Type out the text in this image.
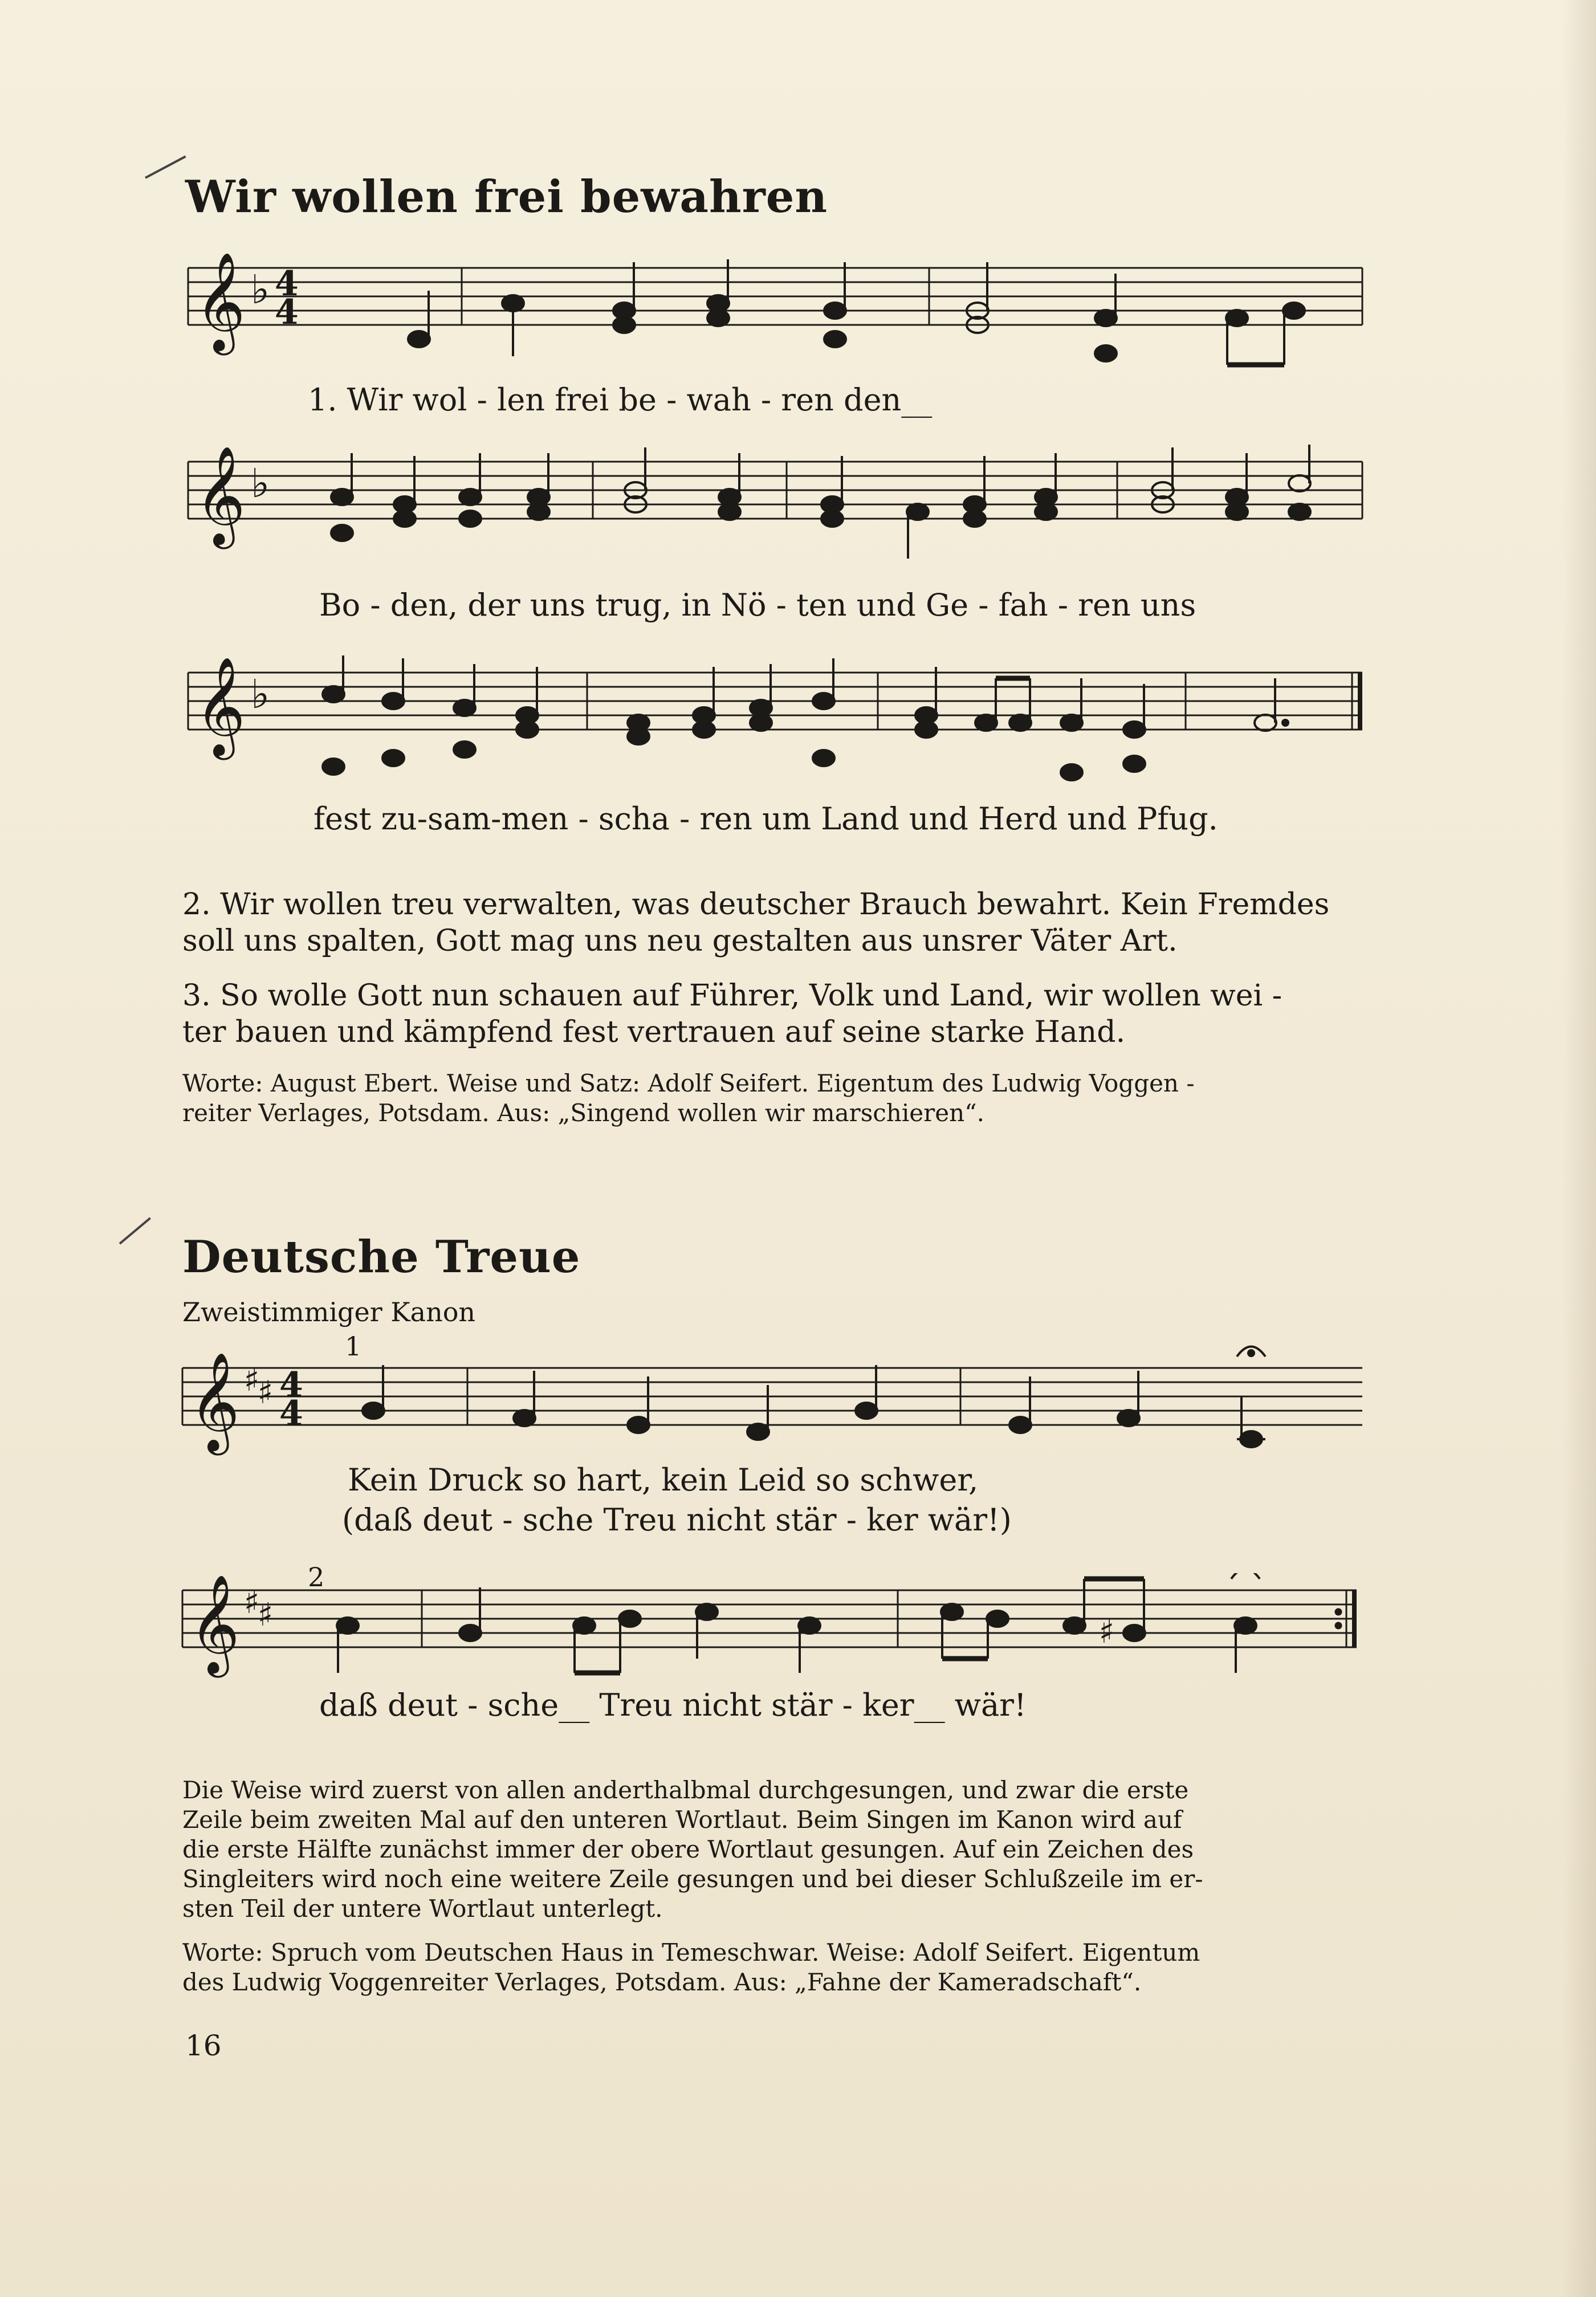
Wir wollen frei bewahren
𝄞 ♭ 4
4
1. Wir wol - len frei be - wah - ren den__
𝄞 ♭
Bo - den, der uns trug, in Nö - ten und Ge - fah - ren uns
𝄞 ♭
fest zu-sam-men - scha - ren um Land und Herd und Pfug.
2. Wir wollen treu verwalten, was deutscher Brauch bewahrt. Kein Fremdes
soll uns spalten, Gott mag uns neu gestalten aus unsrer Väter Art.
3. So wolle Gott nun schauen auf Führer, Volk und Land, wir wollen wei -
ter bauen und kämpfend fest vertrauen auf seine starke Hand.
Worte: August Ebert. Weise und Satz: Adolf Seifert. Eigentum des Ludwig Voggen -
reiter Verlages, Potsdam. Aus: „Singend wollen wir marschieren“.
Deutsche Treue
Zweistimmiger Kanon
1
𝄞 ♯
♯ 4
4
Kein Druck so hart, kein Leid so schwer,
(daß deut - sche Treu nicht stär - ker wär!)
2
𝄞 ♯
♯	♯
daß deut - sche__ Treu nicht stär - ker__ wär!
Die Weise wird zuerst von allen anderthalbmal durchgesungen, und zwar die erste
Zeile beim zweiten Mal auf den unteren Wortlaut. Beim Singen im Kanon wird auf
die erste Hälfte zunächst immer der obere Wortlaut gesungen. Auf ein Zeichen des
Singleiters wird noch eine weitere Zeile gesungen und bei dieser Schlußzeile im er-
sten Teil der untere Wortlaut unterlegt.
Worte: Spruch vom Deutschen Haus in Temeschwar. Weise: Adolf Seifert. Eigentum
des Ludwig Voggenreiter Verlages, Potsdam. Aus: „Fahne der Kameradschaft“.
16
